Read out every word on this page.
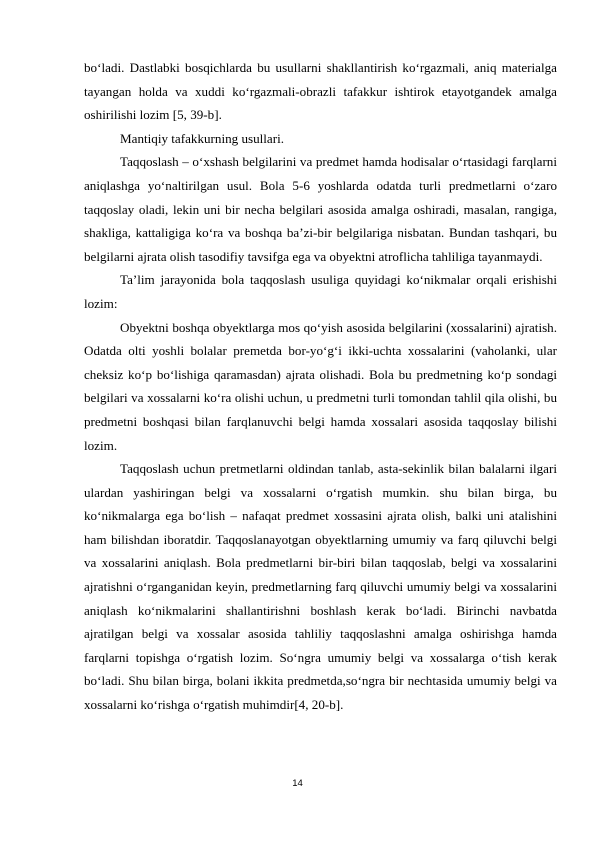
bo‘ladi. Dastlabki bosqichlarda bu usullarni shakllantirish ko‘rgazmali, aniq materialga tayangan holda va xuddi ko‘rgazmali-obrazli tafakkur ishtirok etayotgandek amalga oshirilishi lozim [5, 39-b].

Mantiqiy tafakkurning usullari.

Taqqoslash – o‘xshash belgilarini va predmet hamda hodisalar o‘rtasidagi farqlarni aniqlashga yo‘naltirilgan usul. Bola 5-6 yoshlarda odatda turli predmetlarni o‘zaro taqqoslay oladi, lekin uni bir necha belgilari asosida amalga oshiradi, masalan, rangiga, shakliga, kattaligiga ko‘ra va boshqa ba’zi-bir belgilariga nisbatan. Bundan tashqari, bu belgilarni ajrata olish tasodifiy tavsifga ega va obyektni atroflicha tahliliga tayanmaydi.

Ta’lim jarayonida bola taqqoslash usuliga quyidagi ko‘nikmalar orqali erishishi lozim:

Obyektni boshqa obyektlarga mos qo‘yish asosida belgilarini (xossalarini) ajratish. Odatda olti yoshli bolalar premetda bor-yo‘g‘i ikki-uchta xossalarini (vaholanki, ular cheksiz ko‘p bo‘lishiga qaramasdan) ajrata olishadi. Bola bu predmetning ko‘p sondagi belgilari va xossalarni ko‘ra olishi uchun, u predmetni turli tomondan tahlil qila olishi, bu predmetni boshqasi bilan farqlanuvchi belgi hamda xossalari asosida taqqoslay bilishi lozim.

Taqqoslash uchun pretmetlarni oldindan tanlab, asta-sekinlik bilan balalarni ilgari ulardan yashiringan belgi va xossalarni o‘rgatish mumkin. shu bilan birga, bu ko‘nikmalarga ega bo‘lish – nafaqat predmet xossasini ajrata olish, balki uni atalishini ham bilishdan iboratdir. Taqqoslanayotgan obyektlarning umumiy va farq qiluvchi belgi va xossalarini aniqlash. Bola predmetlarni bir-biri bilan taqqoslab, belgi va xossalarini ajratishni o‘rganganidan keyin, predmetlarning farq qiluvchi umumiy belgi va xossalarini aniqlash ko‘nikmalarini shallantirishni boshlash kerak bo‘ladi. Birinchi navbatda ajratilgan belgi va xossalar asosida tahliliy taqqoslashni amalga oshirishga hamda farqlarni topishga o‘rgatish lozim. So‘ngra umumiy belgi va xossalarga o‘tish kerak bo‘ladi. Shu bilan birga, bolani ikkita predmetda,so‘ngra bir nechtasida umumiy belgi va xossalarni ko‘rishga o‘rgatish muhimdir[4, 20-b].

14
